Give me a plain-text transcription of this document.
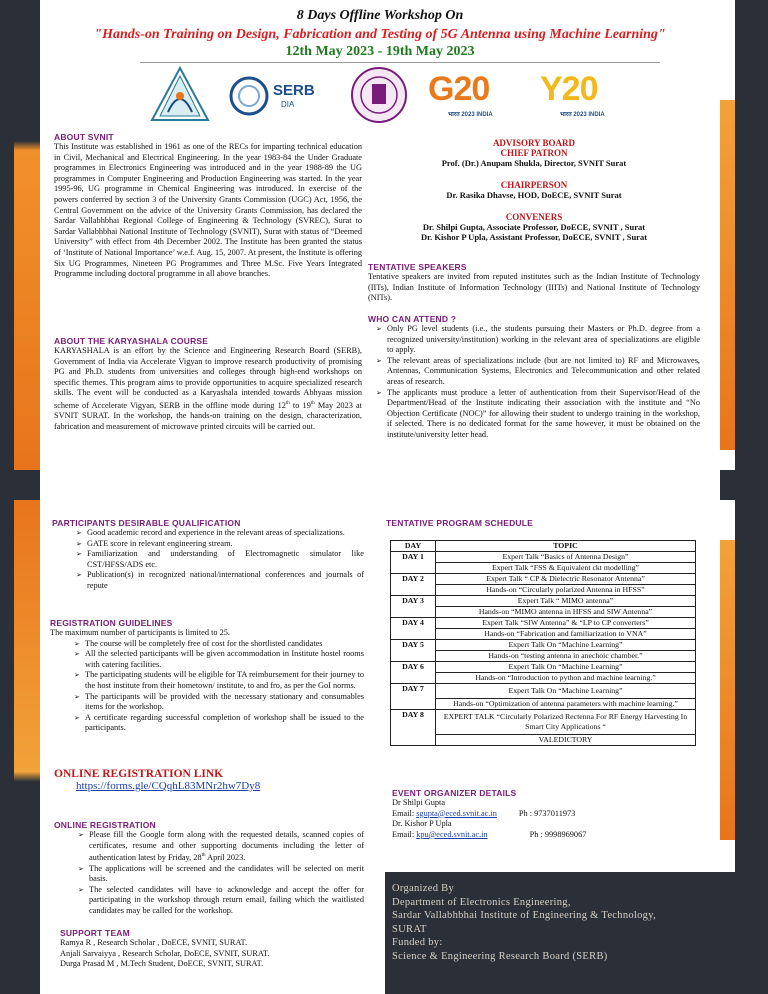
8 Days Offline Workshop On
"Hands-on Training on Design, Fabrication and Testing of 5G Antenna using Machine Learning"
12th May 2023 - 19th May 2023
SERB
DIA	G20
भारत 2023 INDIA
Y20
भारत 2023 INDIA
ABOUT SVNIT
This Institute was established in 1961 as one of the RECs for imparting technical education in Civil, Mechanical and Electrical Engineering. In the year 1983-84 the Under Graduate programmes in Electronics Engineering was introduced and in the year 1988-89 the UG programmes in Computer Engineering and Production Engineering was started. In the year 1995-96, UG programme in Chemical Engineering was introduced. In exercise of the powers conferred by section 3 of the University Grants Commission (UGC) Act, 1956, the Central Government on the advice of the University Grants Commission, has declared the Sardar Vallabhbhai Regional College of Engineering & Technology (SVREC), Surat to Sardar Vallabhbhai National Institute of Technology (SVNIT), Surat with status of “Deemed University” with effect from 4th December 2002. The Institute has been granted the status of ‘Institute of National Importance’ w.e.f. Aug. 15, 2007. At present, the Institute is offering Six UG Programmes, Nineteen PG Programmes and Three M.Sc. Five Years Integrated Programme including doctoral programme in all above branches.
ABOUT THE KARYASHALA COURSE
KARYASHALA is an effort by the Science and Engineering Research Board (SERB), Government of India via Accelerate Vigyan to improve research productivity of promising PG and Ph.D. students from universities and colleges through high-end workshops on specific themes. This program aims to provide opportunities to acquire specialized research skills. The event will be conducted as a Karyashala intended towards Abhyaas mission scheme of Accelerate Vigyan, SERB in the offline mode during 12th to 19th May 2023 at SVNIT SURAT. In the workshop, the hands-on training on the design, characterization, fabrication and measurement of microwave printed circuits will be carried out.
ADVISORY BOARD
CHIEF PATRON
Prof. (Dr.) Anupam Shukla, Director, SVNIT Surat
CHAIRPERSON
Dr. Rasika Dhavse, HOD, DoECE, SVNIT Surat
CONVENERS
Dr. Shilpi Gupta, Associate Professor, DoECE, SVNIT , Surat
Dr. Kishor P Upla, Assistant Professor, DoECE, SVNIT , Surat
TENTATIVE SPEAKERS
Tentative speakers are invited from reputed institutes such as the Indian Institute of Technology (IITs), Indian Institute of Information Technology (IIITs) and National Institute of Technology (NITs).
WHO CAN ATTEND ?
➢ Only PG level students (i.e., the students pursuing their Masters or Ph.D. degree from a recognized university/institution) working in the relevant area of specializations are eligible to apply.
➢ The relevant areas of specializations include (but are not limited to) RF and Microwaves, Antennas, Communication Systems, Electronics and Telecommunication and other related areas of research.
➢ The applicants must produce a letter of authentication from their Supervisor/Head of the Department/Head of the Institute indicating their association with the institute and “No Objection Certificate (NOC)” for allowing their student to undergo training in the workshop, if selected. There is no dedicated format for the same however, it must be obtained on the institute/university letter head.
PARTICIPANTS DESIRABLE QUALIFICATION
➢ Good academic record and experience in the relevant areas of specializations.
➢ GATE score in relevant engineering stream.
➢ Familiarization and understanding of Electromagnetic simulator like CST/HFSS/ADS etc.
➢ Publication(s) in recognized national/international conferences and journals of repute
REGISTRATION GUIDELINES
The maximum number of participants is limited to 25.
➢ The course will be completely free of cost for the shortlisted candidates
➢ All the selected participants will be given accommodation in Institute hostel rooms with catering facilities.
➢ The participating students will be eligible for TA reimbursement for their journey to the host institute from their hometown/ institute, to and fro, as per the GoI norms.
➢ The participants will be provided with the necessary stationary and consumables items for the workshop.
➢ A certificate regarding successful completion of workshop shall be issued to the participants.
ONLINE REGISTRATION LINK
https://forms.gle/CQqhL83MNr2hw7Dy8
ONLINE REGISTRATION
➢ Please fill the Google form along with the requested details, scanned copies of certificates, resume and other supporting documents including the letter of authentication latest by Friday, 28th April 2023.
➢ The applications will be screened and the candidates will be selected on merit basis.
➢ The selected candidates will have to acknowledge and accept the offer for participating in the workshop through return email, failing which the waitlisted candidates may be called for the workshop.
SUPPORT TEAM
Ramya R , Research Scholar , DoECE, SVNIT, SURAT.
Anjali Sarvaiyya , Research Scholar, DoECE, SVNIT, SURAT.
Durga Prasad M , M.Tech Student, DoECE, SVNIT, SURAT.
TENTATIVE PROGRAM SCHEDULE
DAY	TOPIC
DAY 1	Expert Talk “Basics of Antenna Design”
	Expert Talk “FSS & Equivalent ckt modelling”
DAY 2	Expert Talk “ CP & Dielectric Resonator Antenna”
	Hands-on “Circularly polarized Antenna in HFSS”
DAY 3	Expert Talk “ MIMO antenna”
	Hands-on “MIMO antenna in HFSS and SIW Antenna”
DAY 4	Expert Talk “SIW Antenna” & “LP to CP converters”
	Hands-on “Fabrication and familiarization to VNA”
DAY 5	Expert Talk On “Machine Learning”
	Hands-on “testing antenna in anechoic chamber.”
DAY 6	Expert Talk On “Machine Learning”
	Hands-on “Introduction to python and machine learning.”
DAY 7	Expert Talk On “Machine Learning”
	Hands-on “Optimization of antenna parameters with machine learning.”
DAY 8	EXPERT TALK “Circularly Polarized Rectenna For RF Energy Harvesting In Smart City Applications “
	VALEDICTORY
EVENT ORGANIZER DETAILS
Dr Shilpi Gupta
Email: sgupta@eced.svnit.ac.in	Ph : 9737011973
Dr. Kishor P Upla
Email: kpu@eced.svnit.ac.in	Ph : 9998969067
Organized By
Department of Electronics Engineering,
Sardar Vallabhbhai Institute of Engineering & Technology,
SURAT
Funded by:
Science & Engineering Research Board (SERB)
